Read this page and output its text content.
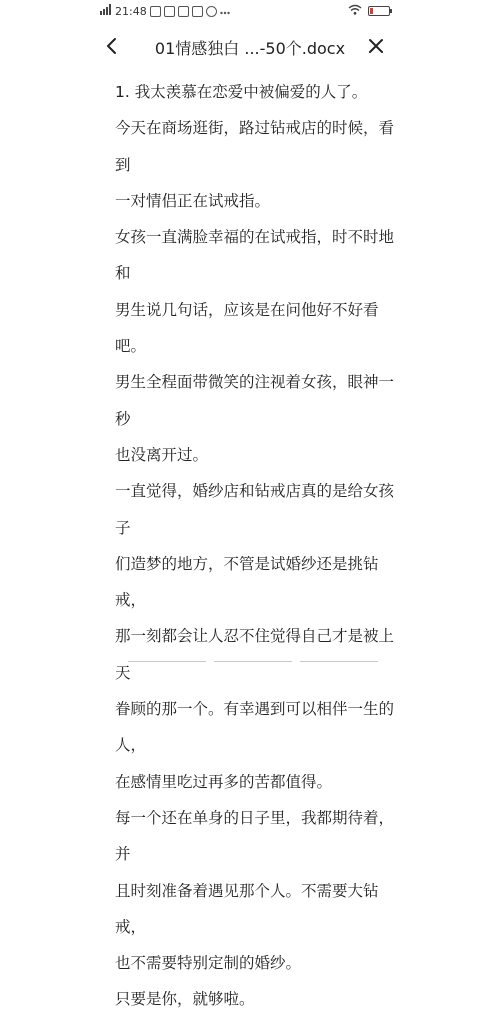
21:48
01情感独白 ...-50个.docx

1. 我太羡慕在恋爱中被偏爱的人了。

今天在商场逛街，路过钻戒店的时候，看到

一对情侣正在试戒指。

女孩一直满脸幸福的在试戒指，时不时地和

男生说几句话，应该是在问他好不好看吧。

男生全程面带微笑的注视着女孩，眼神一秒

也没离开过。

一直觉得，婚纱店和钻戒店真的是给女孩子

们造梦的地方，不管是试婚纱还是挑钻戒，

那一刻都会让人忍不住觉得自己才是被上天

眷顾的那一个。有幸遇到可以相伴一生的人，

在感情里吃过再多的苦都值得。

每一个还在单身的日子里，我都期待着，并

且时刻准备着遇见那个人。不需要大钻戒，

也不需要特别定制的婚纱。

只要是你，就够啦。
